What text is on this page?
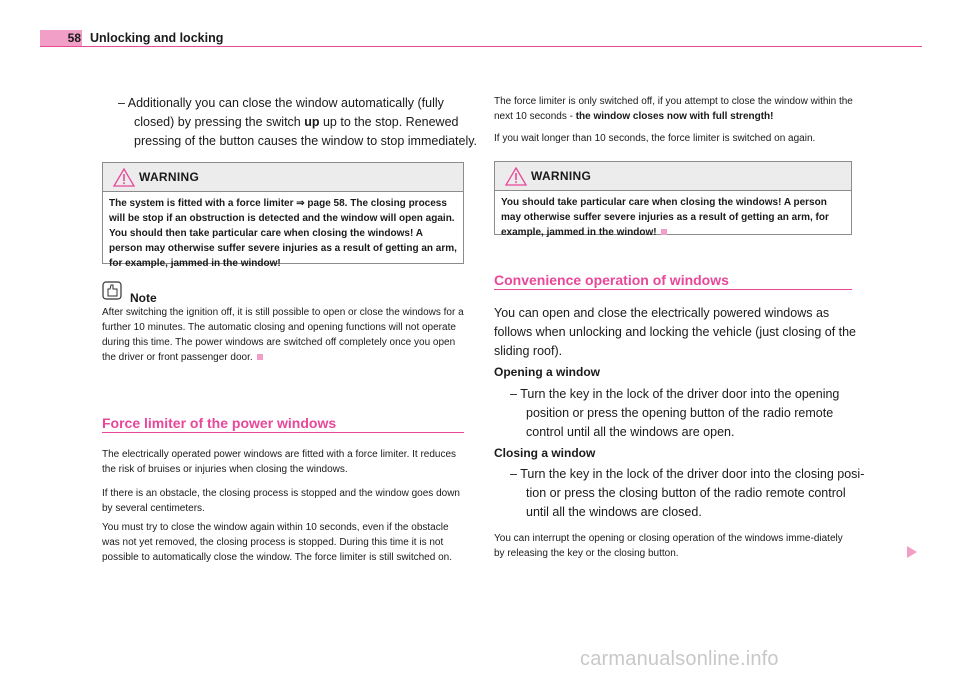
58 Unlocking and locking
– Additionally you can close the window automatically (fully closed) by pressing the switch up up to the stop. Renewed pressing of the button causes the window to stop immediately.
WARNING
The system is fitted with a force limiter ⇒ page 58. The closing process will be stop if an obstruction is detected and the window will open again. You should then take particular care when closing the windows! A person may otherwise suffer severe injuries as a result of getting an arm, for example, jammed in the window!
Note
After switching the ignition off, it is still possible to open or close the windows for a further 10 minutes. The automatic closing and opening functions will not operate during this time. The power windows are switched off completely once you open the driver or front passenger door.
Force limiter of the power windows
The electrically operated power windows are fitted with a force limiter. It reduces the risk of bruises or injuries when closing the windows.
If there is an obstacle, the closing process is stopped and the window goes down by several centimeters.
You must try to close the window again within 10 seconds, even if the obstacle was not yet removed, the closing process is stopped. During this time it is not possible to automatically close the window. The force limiter is still switched on.
The force limiter is only switched off, if you attempt to close the window within the next 10 seconds - the window closes now with full strength!
If you wait longer than 10 seconds, the force limiter is switched on again.
WARNING
You should take particular care when closing the windows! A person may otherwise suffer severe injuries as a result of getting an arm, for example, jammed in the window!
Convenience operation of windows
You can open and close the electrically powered windows as follows when unlocking and locking the vehicle (just closing of the sliding roof).
Opening a window
– Turn the key in the lock of the driver door into the opening position or press the opening button of the radio remote control until all the windows are open.
Closing a window
– Turn the key in the lock of the driver door into the closing posi-tion or press the closing button of the radio remote control until all the windows are closed.
You can interrupt the opening or closing operation of the windows imme-diately by releasing the key or the closing button.
carmanualsonline.info
